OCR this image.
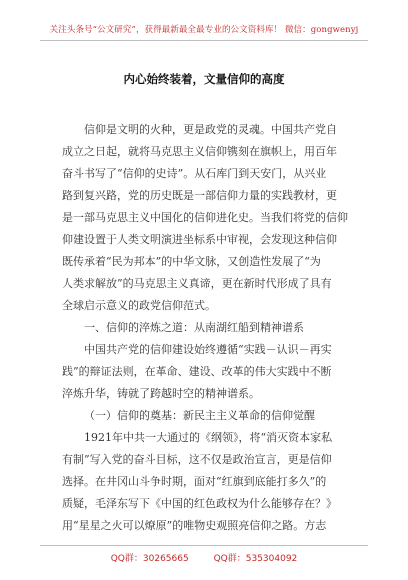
关注头条号“公文研究”，获得最新最全最专业的公文资料库！ 微信：gongwenyj
内心始终装着，文量信仰的高度
信仰是文明的火种，更是政党的灵魂。中国共产党自
成立之日起，就将马克思主义信仰镌刻在旗帜上，用百年
奋斗书写了“信仰的史诗”。从石库门到天安门，从兴业
路到复兴路，党的历史既是一部信仰力量的实践教材，更
是一部马克思主义中国化的信仰进化史。当我们将党的信仰
仰建设置于人类文明演进坐标系中审视，会发现这种信仰
既传承着“民为邦本”的中华文脉，又创造性发展了“为
人类求解放”的马克思主义真谛，更在新时代形成了具有
全球启示意义的政党信仰范式。
一、信仰的淬炼之道：从南湖红船到精神谱系
中国共产党的信仰建设始终遵循“实践－认识－再实
践”的辩证法则，在革命、建设、改革的伟大实践中不断
淬炼升华，铸就了跨越时空的精神谱系。
（一）信仰的奠基：新民主主义革命的信仰觉醒
1921年中共一大通过的《纲领》，将“消灭资本家私
有制”写入党的奋斗目标，这不仅是政治宣言，更是信仰
选择。在井冈山斗争时期，面对“红旗到底能打多久”的
质疑，毛泽东写下《中国的红色政权为什么能够存在？》
用“星星之火可以燎原”的唯物史观照亮信仰之路。方志
QQ群：30265665	QQ群：535304092
